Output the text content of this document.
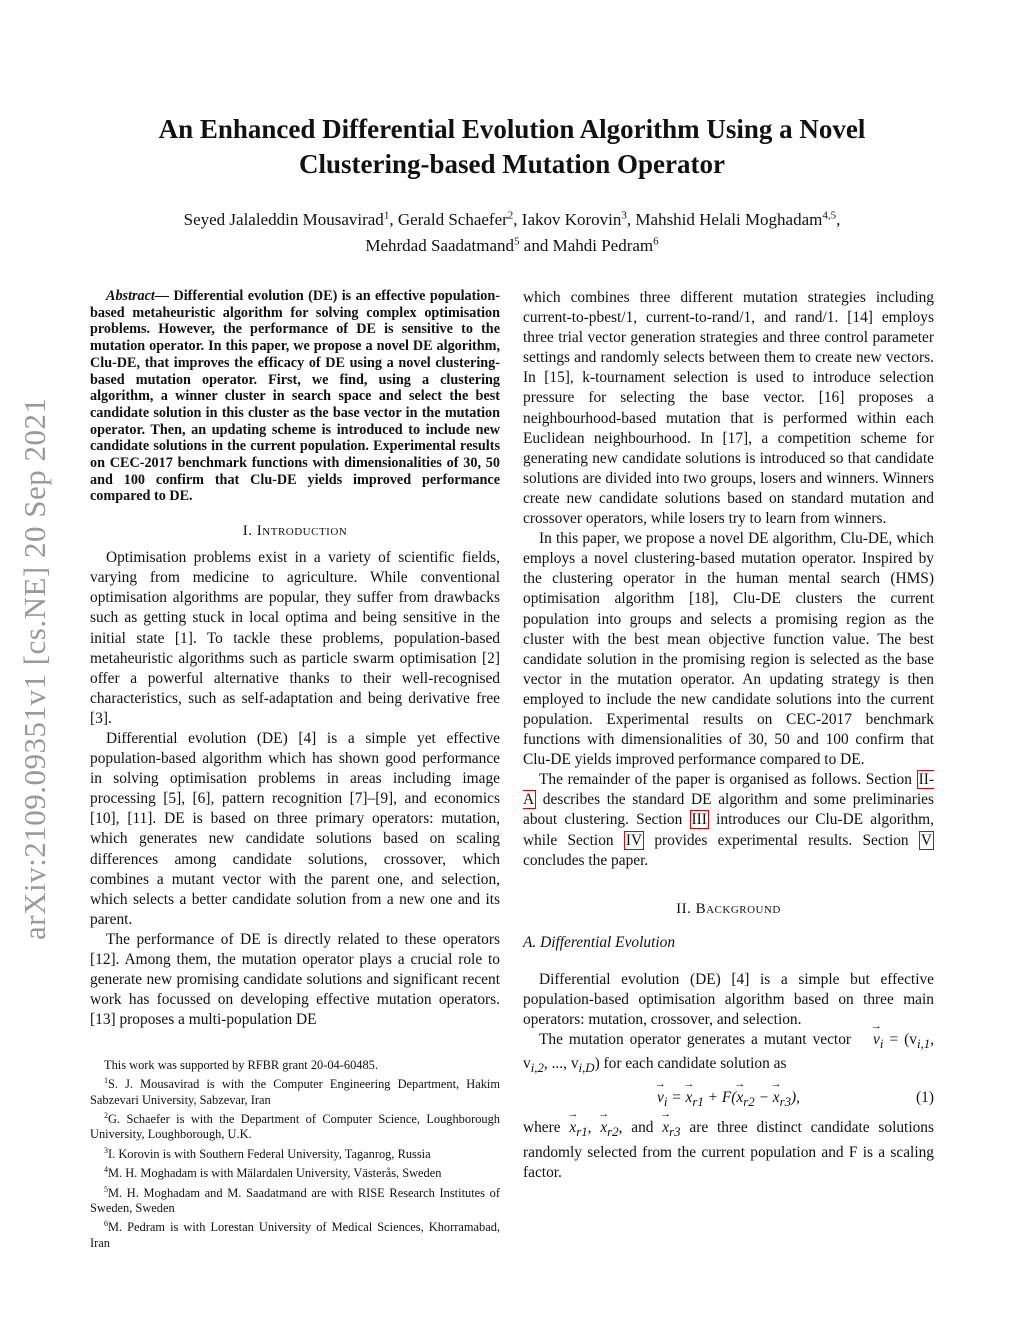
arXiv:2109.09351v1 [cs.NE] 20 Sep 2021
An Enhanced Differential Evolution Algorithm Using a Novel Clustering-based Mutation Operator
Seyed Jalaleddin Mousavirad$^1$, Gerald Schaefer$^2$, Iakov Korovin$^3$, Mahshid Helali Moghadam$^{4,5}$,
Mehrdad Saadatmand$^5$ and Mahdi Pedram$^6$

Abstract— Differential evolution (DE) is an effective population-based metaheuristic algorithm for solving complex optimisation problems. However, the performance of DE is sensitive to the mutation operator. In this paper, we propose a novel DE algorithm, Clu-DE, that improves the efficacy of DE using a novel clustering-based mutation operator. First, we find, using a clustering algorithm, a winner cluster in search space and select the best candidate solution in this cluster as the base vector in the mutation operator. Then, an updating scheme is introduced to include new candidate solutions in the current population. Experimental results on CEC-2017 benchmark functions with dimensionalities of 30, 50 and 100 confirm that Clu-DE yields improved performance compared to DE.

I. Introduction

Optimisation problems exist in a variety of scientific fields, varying from medicine to agriculture. While conventional optimisation algorithms are popular, they suffer from drawbacks such as getting stuck in local optima and being sensitive in the initial state [1]. To tackle these problems, population-based metaheuristic algorithms such as particle swarm optimisation [2] offer a powerful alternative thanks to their well-recognised characteristics, such as self-adaptation and being derivative free [3].

Differential evolution (DE) [4] is a simple yet effective population-based algorithm which has shown good performance in solving optimisation problems in areas including image processing [5], [6], pattern recognition [7]–[9], and economics [10], [11]. DE is based on three primary operators: mutation, which generates new candidate solutions based on scaling differences among candidate solutions, crossover, which combines a mutant vector with the parent one, and selection, which selects a better candidate solution from a new one and its parent.

The performance of DE is directly related to these operators [12]. Among them, the mutation operator plays a crucial role to generate new promising candidate solutions and significant recent work has focussed on developing effective mutation operators. [13] proposes a multi-population DE

This work was supported by RFBR grant 20-04-60485.

$^1$S. J. Mousavirad is with the Computer Engineering Department, Hakim Sabzevari University, Sabzevar, Iran

$^2$G. Schaefer is with the Department of Computer Science, Loughborough University, Loughborough, U.K.

$^3$I. Korovin is with Southern Federal University, Taganrog, Russia

$^4$M. H. Moghadam is with Mälardalen University, Västerås, Sweden

$^5$M. H. Moghadam and M. Saadatmand are with RISE Research Institutes of Sweden, Sweden

$^6$M. Pedram is with Lorestan University of Medical Sciences, Khorramabad, Iran

which combines three different mutation strategies including current-to-pbest/1, current-to-rand/1, and rand/1. [14] employs three trial vector generation strategies and three control parameter settings and randomly selects between them to create new vectors. In [15], k-tournament selection is used to introduce selection pressure for selecting the base vector. [16] proposes a neighbourhood-based mutation that is performed within each Euclidean neighbourhood. In [17], a competition scheme for generating new candidate solutions is introduced so that candidate solutions are divided into two groups, losers and winners. Winners create new candidate solutions based on standard mutation and crossover operators, while losers try to learn from winners.

In this paper, we propose a novel DE algorithm, Clu-DE, which employs a novel clustering-based mutation operator. Inspired by the clustering operator in the human mental search (HMS) optimisation algorithm [18], Clu-DE clusters the current population into groups and selects a promising region as the cluster with the best mean objective function value. The best candidate solution in the promising region is selected as the base vector in the mutation operator. An updating strategy is then employed to include the new candidate solutions into the current population. Experimental results on CEC-2017 benchmark functions with dimensionalities of 30, 50 and 100 confirm that Clu-DE yields improved performance compared to DE.

The remainder of the paper is organised as follows. Section II-A describes the standard DE algorithm and some preliminaries about clustering. Section III introduces our Clu-DE algorithm, while Section IV provides experimental results. Section V concludes the paper.

II. Background
A. Differential Evolution

Differential evolution (DE) [4] is a simple but effective population-based optimisation algorithm based on three main operators: mutation, crossover, and selection.

The mutation operator generates a mutant vector → $v_i = (v_{i,1}$, $v_{i,2}$, ..., $v_{i,D}$) for each candidate solution as

→ $v_i$ = → $x_{r1} + F(\to x_{r2}$ − → $x_{r3}$),	(1)

where → $x_{r1}$, → $x_{r2}$, and → $x_{r3}$ are three distinct candidate solutions randomly selected from the current population and F is a scaling factor.
